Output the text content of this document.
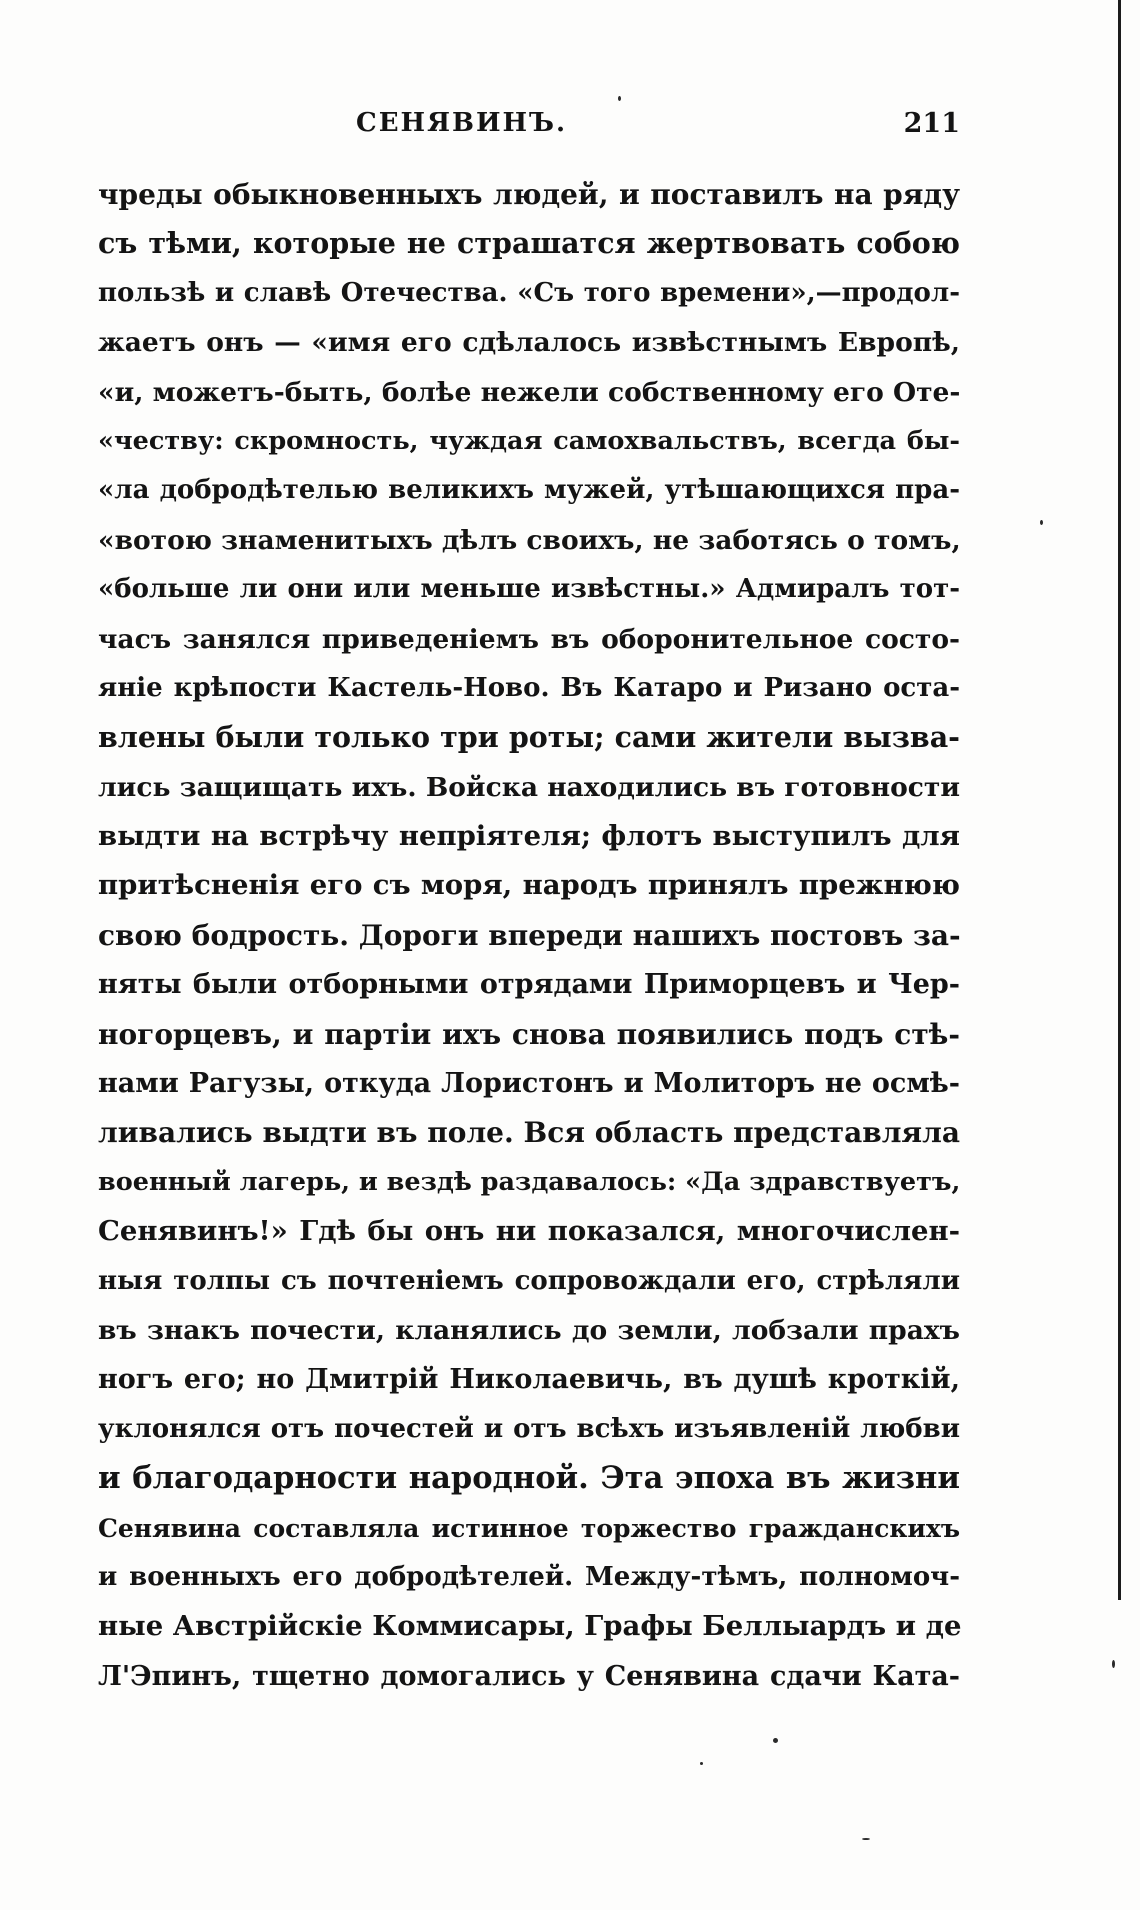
СЕНЯВИНЪ.	211
чреды обыкновенныхъ людей, и поставилъ на ряду
съ тѣми, которые не страшатся жертвовать собою
пользѣ и славѣ Отечества. «Съ того времени»,—продол-
жаетъ онъ — «имя его сдѣлалось извѣстнымъ Европѣ,
«и, можетъ-быть, болѣе нежели собственному его Оте-
«честву: скромность, чуждая самохвальствъ, всегда бы-
«ла добродѣтелью великихъ мужей, утѣшающихся пра-
«вотою знаменитыхъ дѣлъ своихъ, не заботясь о томъ,
«больше ли они или меньше извѣстны.» Адмиралъ тот-
часъ занялся приведеніемъ въ оборонительное состо-
яніе крѣпости Кастель-Ново. Въ Катаро и Ризано оста-
влены были только три роты; сами жители вызва-
лись защищать ихъ. Войска находились въ готовности
выдти на встрѣчу непріятеля; флотъ выступилъ для
притѣсненія его съ моря, народъ принялъ прежнюю
свою бодрость. Дороги впереди нашихъ постовъ за-
няты были отборными отрядами Приморцевъ и Чер-
ногорцевъ, и партіи ихъ снова появились подъ стѣ-
нами Рагузы, откуда Лористонъ и Молиторъ не осмѣ-
ливались выдти въ поле. Вся область представляла
военный лагерь, и вездѣ раздавалось: «Да здравствуетъ,
Сенявинъ!» Гдѣ бы онъ ни показался, многочислен-
ныя толпы съ почтеніемъ сопровождали его, стрѣляли
въ знакъ почести, кланялись до земли, лобзали прахъ
ногъ его; но Дмитрій Николаевичь, въ душѣ кроткій,
уклонялся отъ почестей и отъ всѣхъ изъявленій любви
и благодарности народной. Эта эпоха въ жизни
Сенявина составляла истинное торжество гражданскихъ
и военныхъ его добродѣтелей. Между-тѣмъ, полномоч-
ные Австрійскіе Коммисары, Графы Беллыардъ и де
Л'Эпинъ, тщетно домогались у Сенявина сдачи Ката-
